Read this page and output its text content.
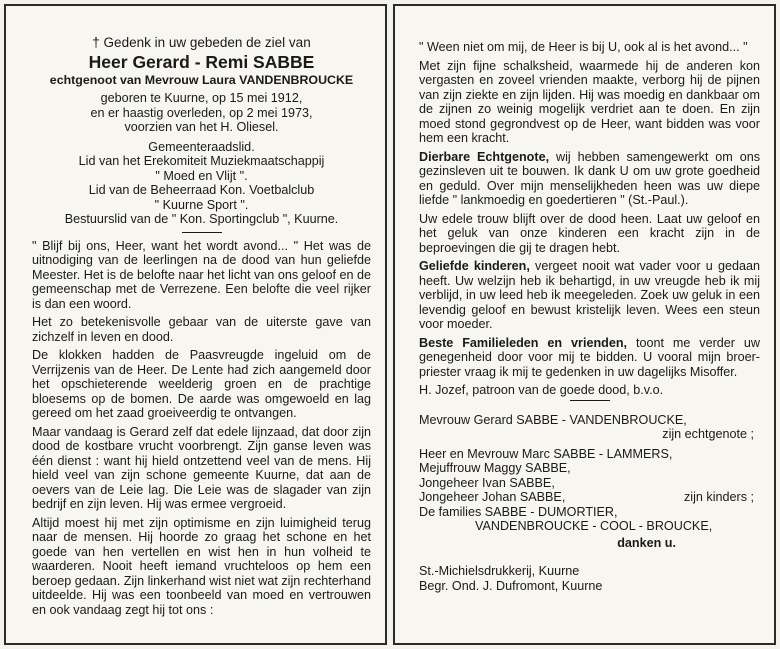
† Gedenk in uw gebeden de ziel van
Heer Gerard - Remi SABBE
echtgenoot van Mevrouw Laura VANDENBROUCKE
geboren te Kuurne, op 15 mei 1912,
en er haastig overleden, op 2 mei 1973,
voorzien van het H. Oliesel.
Gemeenteraadslid.
Lid van het Erekomiteit Muziekmaatschappij
" Moed en Vlijt ".
Lid van de Beheerraad Kon. Voetbalclub
" Kuurne Sport ".
Bestuurslid van de " Kon. Sportingclub ", Kuurne.

" Blijf bij ons, Heer, want het wordt avond... " Het was de uitnodiging van de leerlingen na de dood van hun geliefde Meester. Het is de belofte naar het licht van ons geloof en de gemeenschap met de Verrezene. Een belofte die veel rijker is dan een woord.

Het zo betekenisvolle gebaar van de uiterste gave van zichzelf in leven en dood.

De klokken hadden de Paasvreugde ingeluid om de Verrijzenis van de Heer. De Lente had zich aangemeld door het opschieterende weelderig groen en de prachtige bloesems op de bomen. De aarde was omgewoeld en lag gereed om het zaad groeiveerdig te ontvangen.

Maar vandaag is Gerard zelf dat edele lijnzaad, dat door zijn dood de kostbare vrucht voorbrengt. Zijn ganse leven was één dienst : want hij hield ontzettend veel van de mens. Hij hield veel van zijn schone gemeente Kuurne, dat aan de oevers van de Leie lag. Die Leie was de slagader van zijn bedrijf en zijn leven. Hij was ermee vergroeid.

Altijd moest hij met zijn optimisme en zijn luimigheid terug naar de mensen. Hij hoorde zo graag het schone en het goede van hen vertellen en wist hen in hun volheid te waarderen. Nooit heeft iemand vruchteloos op hem een beroep gedaan. Zijn linkerhand wist niet wat zijn rechterhand uitdeelde. Hij was een toonbeeld van moed en vertrouwen en ook vandaag zegt hij tot ons :

" Ween niet om mij, de Heer is bij U, ook al is het avond... "

Met zijn fijne schalksheid, waarmede hij de anderen kon vergasten en zoveel vrienden maakte, verborg hij de pijnen van zijn ziekte en zijn lijden. Hij was moedig en dankbaar om de zijnen zo weinig mogelijk verdriet aan te doen. En zijn moed stond gegrondvest op de Heer, want bidden was voor hem een kracht.

Dierbare Echtgenote, wij hebben samengewerkt om ons gezinsleven uit te bouwen. Ik dank U om uw grote goedheid en geduld. Over mijn menselijkheden heen was uw diepe liefde " lankmoedig en goedertieren " (St.-Paul.).

Uw edele trouw blijft over de dood heen. Laat uw geloof en het geluk van onze kinderen een kracht zijn in de beproevingen die gij te dragen hebt.

Geliefde kinderen, vergeet nooit wat vader voor u gedaan heeft. Uw welzijn heb ik behartigd, in uw vreugde heb ik mij verblijd, in uw leed heb ik meegeleden. Zoek uw geluk in een levendig geloof en bewust kristelijk leven. Wees een steun voor moeder.

Beste Familieleden en vrienden, toont me verder uw genegenheid door voor mij te bidden. U vooral mijn broer-priester vraag ik mij te gedenken in uw dagelijks Misoffer.

H. Jozef, patroon van de goede dood, b.v.o.

Mevrouw Gerard SABBE - VANDENBROUCKE,
zijn echtgenote ;
Heer en Mevrouw Marc SABBE - LAMMERS,
Mejuffrouw Maggy SABBE,
Jongeheer Ivan SABBE,
Jongeheer Johan SABBE,	zijn kinders ;
De families SABBE - DUMORTIER,
VANDENBROUCKE - COOL - BROUCKE,
danken u.
St.-Michielsdrukkerij, Kuurne
Begr. Ond. J. Dufromont, Kuurne
